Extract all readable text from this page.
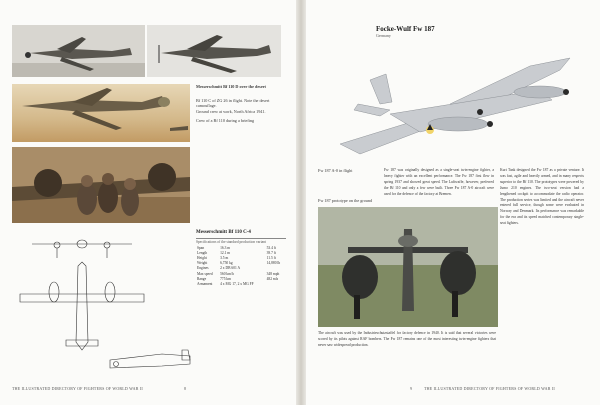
Messerschmitt Bf 110 D over the desert
Bf 110 C of ZG 26 in flight. Note the desert camouflage.
Ground crew at work, North Africa 1941.
Crew of a Bf 110 during a briefing
Messerschmitt Bf 110 C-4
Specifications of the standard production variant
Span	16.3 m	53.4 ft
Length	12.1 m	39.7 ft
Height	3.5 m	11.5 ft
Weight	6,750 kg	14,880 lb
Engines	2 x DB 601 A	
Max speed	560 km/h	348 mph
Range	775 km	482 mls
Armament	4 x MG 17, 2 x MG FF	
THE ILLUSTRATED DIRECTORY OF FIGHTERS OF WORLD WAR II	8
Focke-Wulf Fw 187
Germany
Fw 187 A-0 in flight
Fw 187 prototype on the ground
Fw 187 was originally designed as a single-seat twin-engine fighter, a heavy fighter with an excellent performance. The Fw 187 first flew in spring 1937 and showed great speed. The Luftwaffe, however, preferred the Bf 110 and only a few were built. Three Fw 187 A-0 aircraft were used for the defence of the factory at Bremen.
Kurt Tank designed the Fw 187 as a private venture. It was fast, agile and heavily armed, and in many respects superior to the Bf 110. The prototypes were powered by Jumo 210 engines. The two-seat version had a lengthened cockpit to accommodate the radio operator. The production series was limited and the aircraft never entered full service, though some were evaluated in Norway and Denmark. Its performance was remarkable for the era and its speed matched contemporary single-seat fighters.
The aircraft was used by the Industrieschutzstaffel for factory defence in 1940. It is said that several victories were scored by its pilots against RAF bombers. The Fw 187 remains one of the most interesting twin-engine fighters that never saw widespread production.
9	THE ILLUSTRATED DIRECTORY OF FIGHTERS OF WORLD WAR II
